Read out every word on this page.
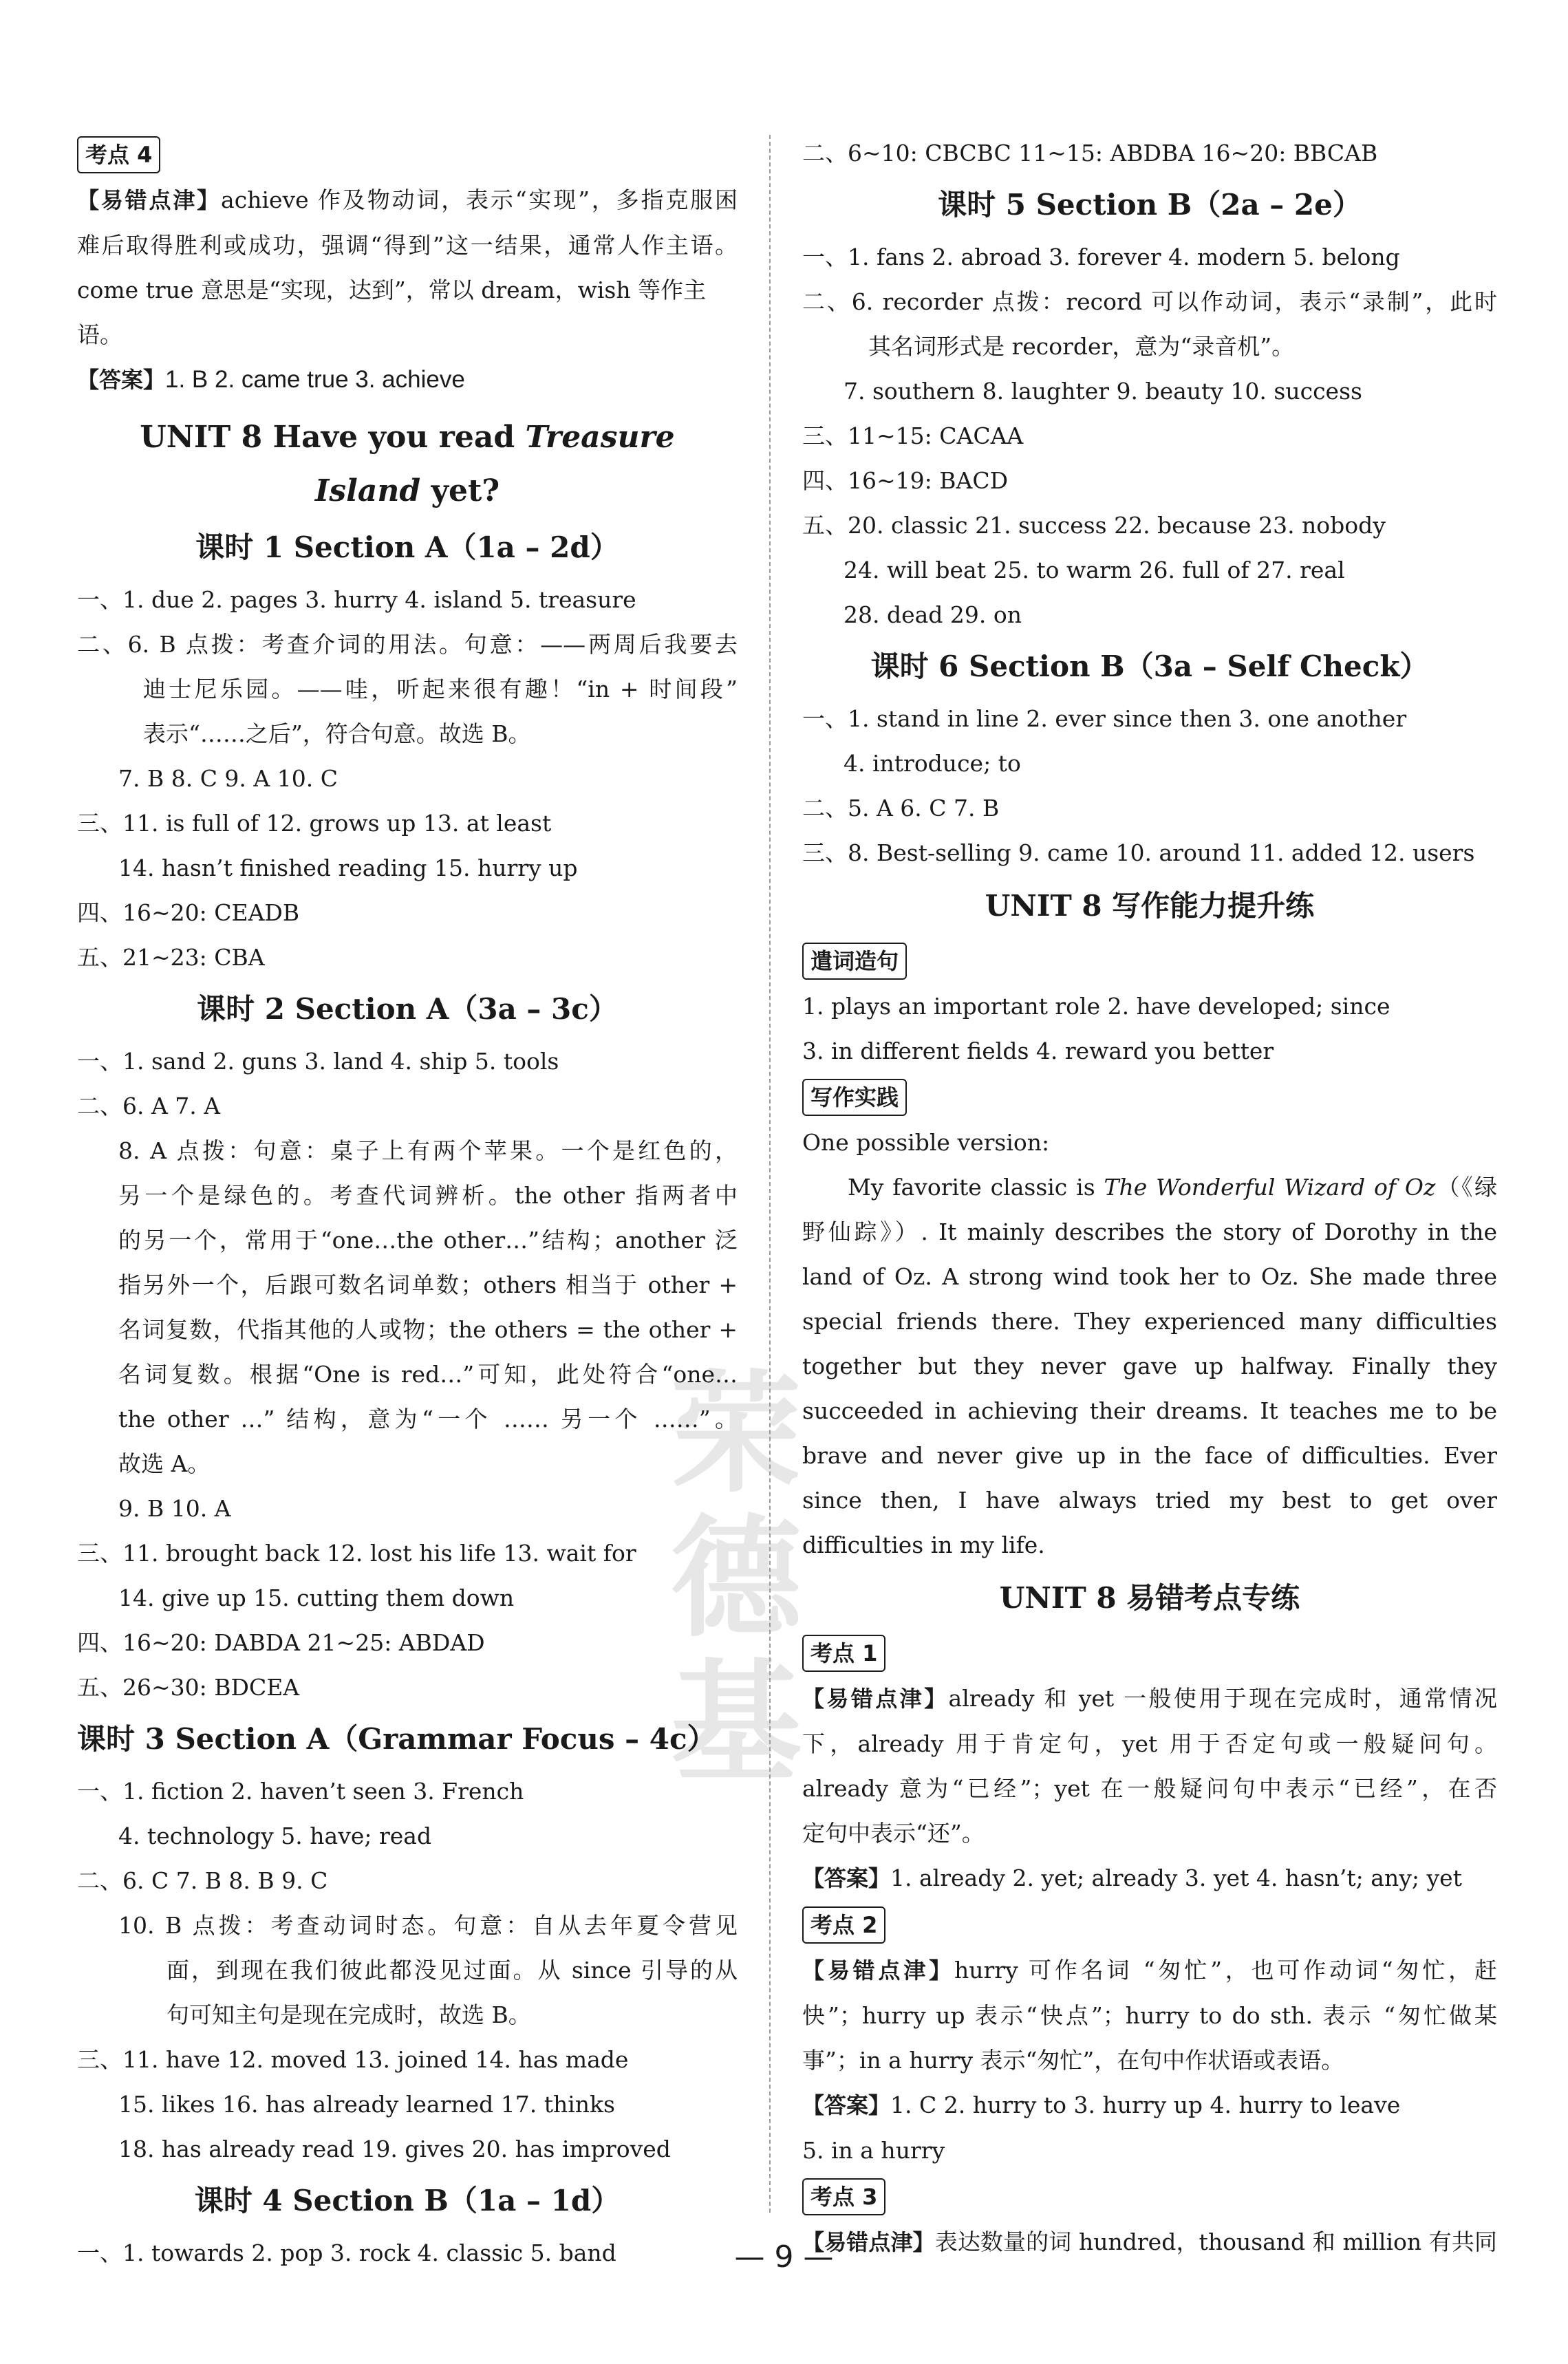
荣
德
基
考点 4

【易错点津】achieve 作及物动词，表示“实现”，多指克服困

难后取得胜利或成功，强调“得到”这一结果，通常人作主语。

come true 意思是“实现，达到”，常以 dream，wish 等作主语。

【答案】1. B 2. came true 3. achieve

UNIT 8 Have you read Treasure
Island yet?
课时 1 Section A（1a – 2d）

一、1. due 2. pages 3. hurry 4. island 5. treasure

二、6. B 点拨：考查介词的用法。句意：——两周后我要去

迪士尼乐园。——哇，听起来很有趣！“in + 时间段”

表示“……之后”，符合句意。故选 B。

7. B 8. C 9. A 10. C

三、11. is full of 12. grows up 13. at least

14. hasn’t finished reading 15. hurry up

四、16~20: CEADB

五、21~23: CBA

课时 2 Section A（3a – 3c）

一、1. sand 2. guns 3. land 4. ship 5. tools

二、6. A 7. A

8. A 点拨：句意：桌子上有两个苹果。一个是红色的，

另一个是绿色的。考查代词辨析。the other 指两者中

的另一个，常用于“one…the other…”结构；another 泛

指另外一个，后跟可数名词单数；others 相当于 other +

名词复数，代指其他的人或物；the others = the other +

名词复数。根据“One is red…”可知，此处符合“one…

the other …” 结构，意为“一个 …… 另一个 ……”。

故选 A。

9. B 10. A

三、11. brought back 12. lost his life 13. wait for

14. give up 15. cutting them down

四、16~20: DABDA 21~25: ABDAD

五、26~30: BDCEA

课时 3 Section A（Grammar Focus – 4c）

一、1. fiction 2. haven’t seen 3. French

4. technology 5. have; read

二、6. C 7. B 8. B 9. C

10. B 点拨：考查动词时态。句意：自从去年夏令营见

面，到现在我们彼此都没见过面。从 since 引导的从

句可知主句是现在完成时，故选 B。

三、11. have 12. moved 13. joined 14. has made

15. likes 16. has already learned 17. thinks

18. has already read 19. gives 20. has improved

课时 4 Section B（1a – 1d）

一、1. towards 2. pop 3. rock 4. classic 5. band

二、6~10: CBCBC 11~15: ABDBA 16~20: BBCAB

课时 5 Section B（2a – 2e）

一、1. fans 2. abroad 3. forever 4. modern 5. belong

二、6. recorder 点拨：record 可以作动词，表示“录制”，此时

其名词形式是 recorder，意为“录音机”。

7. southern 8. laughter 9. beauty 10. success

三、11~15: CACAA

四、16~19: BACD

五、20. classic 21. success 22. because 23. nobody

24. will beat 25. to warm 26. full of 27. real

28. dead 29. on

课时 6 Section B（3a – Self Check）

一、1. stand in line 2. ever since then 3. one another

4. introduce; to

二、5. A 6. C 7. B

三、8. Best-selling 9. came 10. around 11. added 12. users

UNIT 8 写作能力提升练
遣词造句

1. plays an important role 2. have developed; since

3. in different fields 4. reward you better

写作实践

One possible version:

My favorite classic is The Wonderful Wizard of Oz（《绿野仙踪》）. It mainly describes the story of Dorothy in the land of Oz. A strong wind took her to Oz. She made three special friends there. They experienced many difficulties together but they never gave up halfway. Finally they succeeded in achieving their dreams. It teaches me to be brave and never give up in the face of difficulties. Ever since then, I have always tried my best to get over difficulties in my life.

UNIT 8 易错考点专练
考点 1

【易错点津】already 和 yet 一般使用于现在完成时，通常情况

下，already 用于肯定句，yet 用于否定句或一般疑问句。

already 意为“已经”；yet 在一般疑问句中表示“已经”，在否

定句中表示“还”。

【答案】1. already 2. yet; already 3. yet 4. hasn’t; any; yet

考点 2

【易错点津】hurry 可作名词 “匆忙”，也可作动词“匆忙，赶

快”；hurry up 表示“快点”；hurry to do sth. 表示 “匆忙做某

事”；in a hurry 表示“匆忙”，在句中作状语或表语。

【答案】1. C 2. hurry to 3. hurry up 4. hurry to leave

5. in a hurry

考点 3

【易错点津】表达数量的词 hundred，thousand 和 million 有共同

— 9 —
